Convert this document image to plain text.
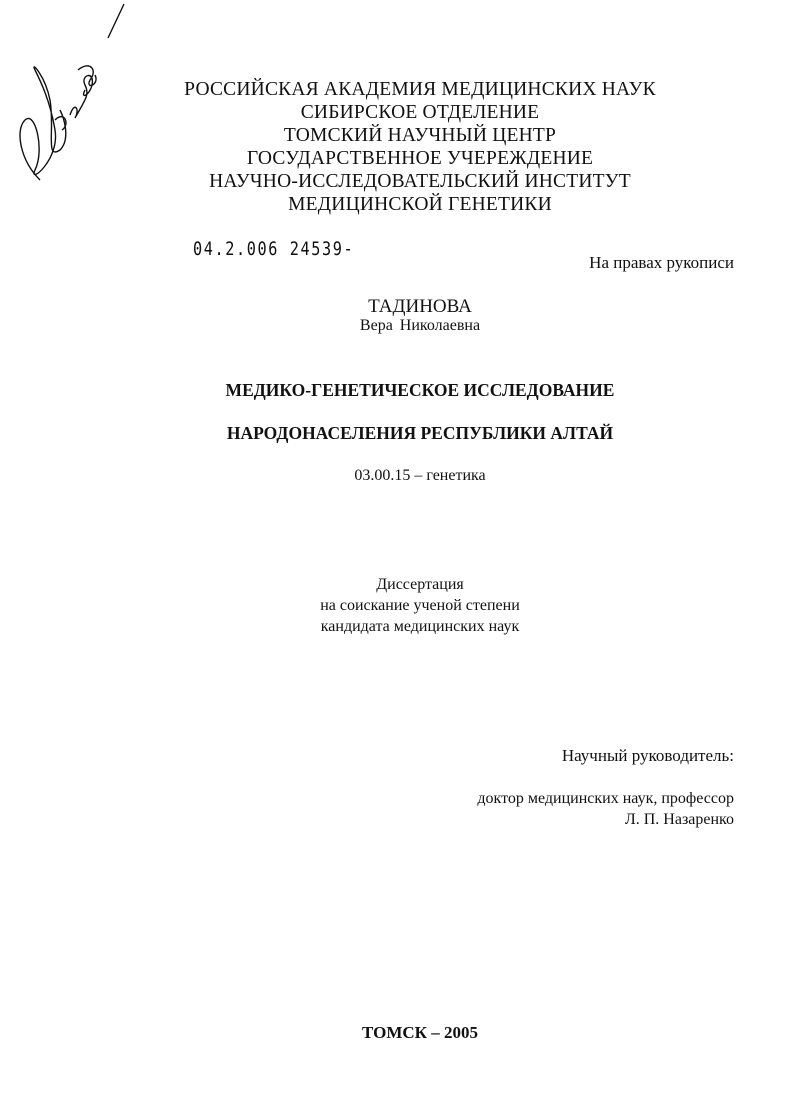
РОССИЙСКАЯ АКАДЕМИЯ МЕДИЦИНСКИХ НАУК
СИБИРСКОЕ ОТДЕЛЕНИЕ
ТОМСКИЙ НАУЧНЫЙ ЦЕНТР
ГОСУДАРСТВЕННОЕ УЧЕРЕЖДЕНИЕ
НАУЧНО-ИССЛЕДОВАТЕЛЬСКИЙ ИНСТИТУТ
МЕДИЦИНСКОЙ ГЕНЕТИКИ
04.2.006 24539-
На правах рукописи
ТАДИНОВА
Вера Николаевна
МЕДИКО-ГЕНЕТИЧЕСКОЕ ИССЛЕДОВАНИЕ
НАРОДОНАСЕЛЕНИЯ РЕСПУБЛИКИ АЛТАЙ
03.00.15 – генетика
Диссертация
на соискание ученой степени
кандидата медицинских наук
Научный руководитель:
доктор медицинских наук, профессор
Л. П. Назаренко
ТОМСК – 2005
